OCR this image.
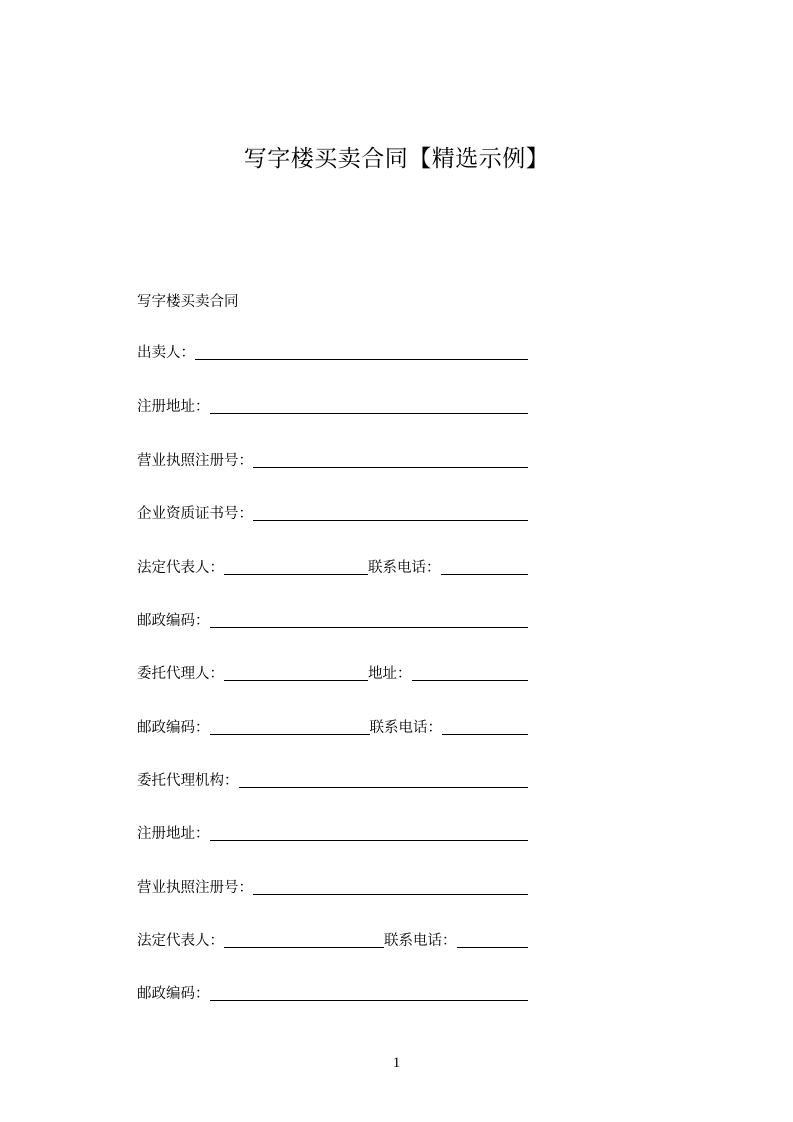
写字楼买卖合同【精选示例】
写字楼买卖合同
出卖人：
注册地址：
营业执照注册号：
企业资质证书号：
法定代表人：	联系电话：
邮政编码：
委托代理人：	地址：
邮政编码：	联系电话：
委托代理机构：
注册地址：
营业执照注册号：
法定代表人：	联系电话：
邮政编码：
1
